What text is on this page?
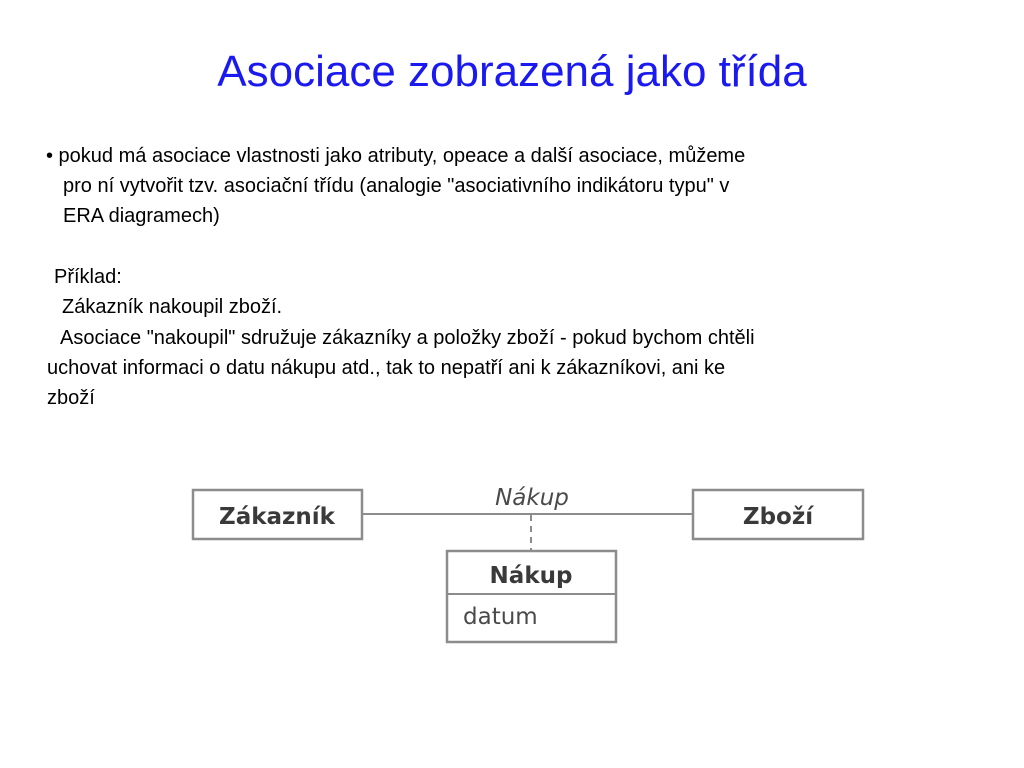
Asociace zobrazená jako třída
• pokud má asociace vlastnosti jako atributy, opeace a další asociace, můžeme
pro ní vytvořit tzv. asociační třídu (analogie "asociativního indikátoru typu" v
ERA diagramech)
Příklad:
Zákazník nakoupil zboží.
Asociace "nakoupil" sdružuje zákazníky a položky zboží - pokud bychom chtěli
uchovat informaci o datu nákupu atd., tak to nepatří ani k zákazníkovi, ani ke
zboží
Zákazník	Zboží
Nákup
Nákup
datum
